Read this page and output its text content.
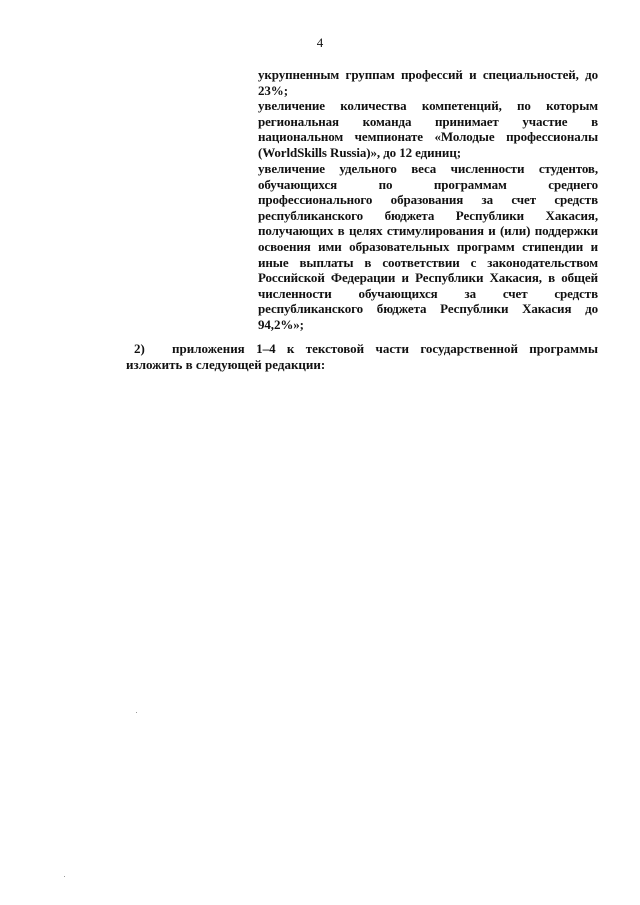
4

укрупненным группам профессий и специальностей, до 23%;

увеличение количества компетенций, по которым региональная команда принимает участие в национальном чемпионате «Молодые профессионалы (WorldSkills Russia)», до 12 единиц;

увеличение удельного веса численности студентов, обучающихся по программам среднего профессионального образования за счет средств республиканского бюджета Республики Хакасия, получающих в целях стимулирования и (или) поддержки освоения ими образовательных программ стипендии и иные выплаты в соответствии с законодательством Российской Федерации и Республики Хакасия, в общей численности обучающихся за счет средств республиканского бюджета Республики Хакасия до 94,2%»;

2)	приложения 1–4 к текстовой части государственной программы
изложить в следующей редакции:
